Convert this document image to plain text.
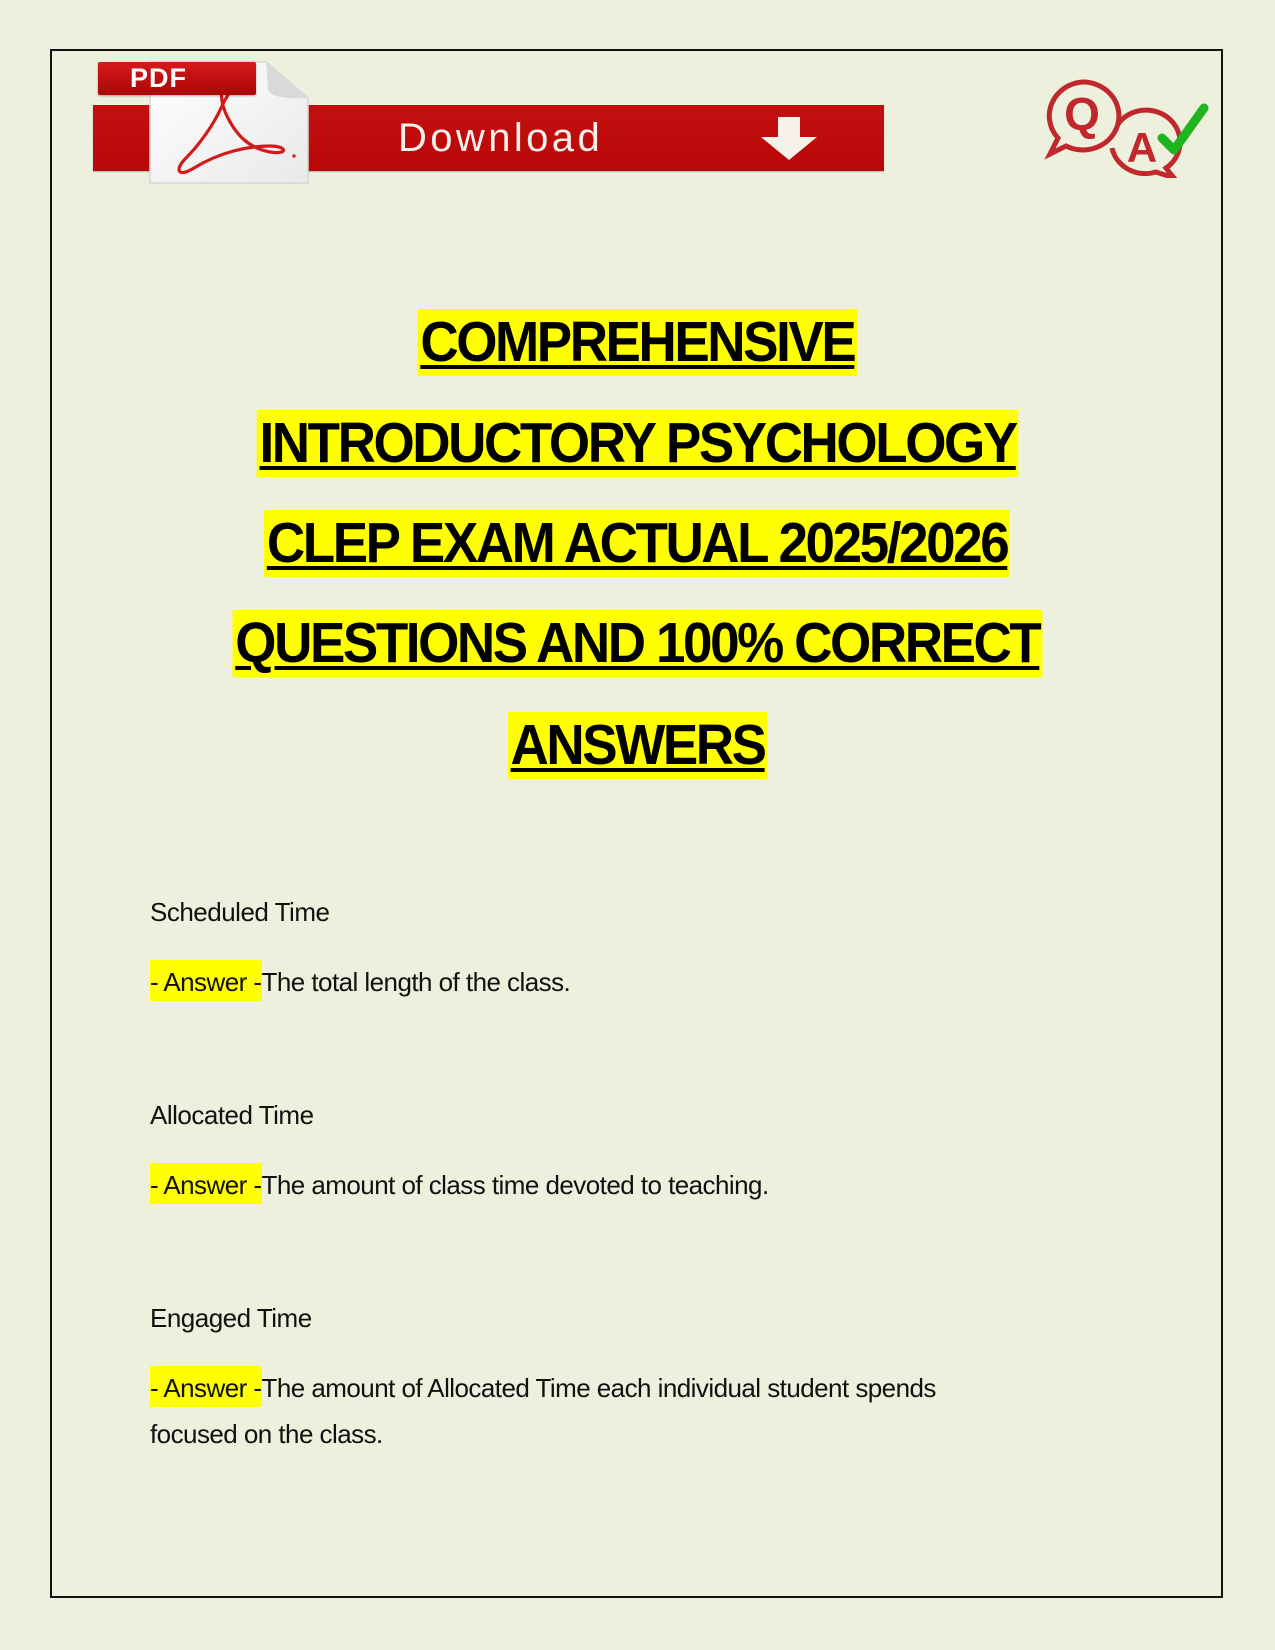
Download
PDF
Q
A
COMPREHENSIVE
INTRODUCTORY PSYCHOLOGY
CLEP EXAM ACTUAL 2025/2026
QUESTIONS AND 100% CORRECT
ANSWERS
Scheduled Time
- Answer -The total length of the class.
Allocated Time
- Answer -The amount of class time devoted to teaching.
Engaged Time
- Answer -The amount of Allocated Time each individual student spends
focused on the class.
